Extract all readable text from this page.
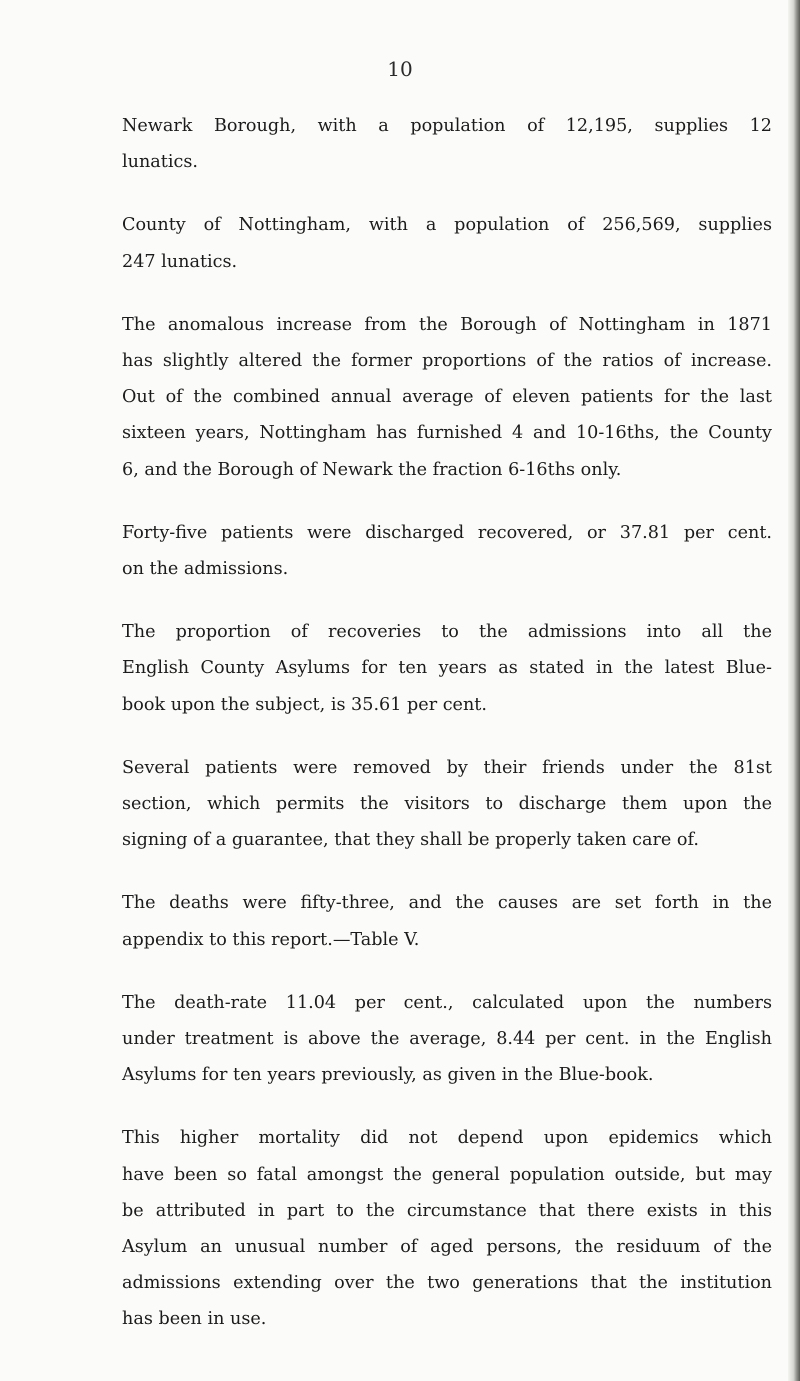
10

Newark Borough, with a population of 12,195, supplies 12
lunatics.

County of Nottingham, with a population of 256,569, supplies
247 lunatics.

The anomalous increase from the Borough of Nottingham in 1871
has slightly altered the former proportions of the ratios of increase.
Out of the combined annual average of eleven patients for the last
sixteen years, Nottingham has furnished 4 and 10-16ths, the County
6, and the Borough of Newark the fraction 6-16ths only.

Forty-five patients were discharged recovered, or 37.81 per cent.
on the admissions.

The proportion of recoveries to the admissions into all the
English County Asylums for ten years as stated in the latest Blue-
book upon the subject, is 35.61 per cent.

Several patients were removed by their friends under the 81st
section, which permits the visitors to discharge them upon the
signing of a guarantee, that they shall be properly taken care of.

The deaths were fifty-three, and the causes are set forth in the
appendix to this report.—Table V.

The death-rate 11.04 per cent., calculated upon the numbers
under treatment is above the average, 8.44 per cent. in the English
Asylums for ten years previously, as given in the Blue-book.

This higher mortality did not depend upon epidemics which
have been so fatal amongst the general population outside, but may
be attributed in part to the circumstance that there exists in this
Asylum an unusual number of aged persons, the residuum of the
admissions extending over the two generations that the institution
has been in use.
